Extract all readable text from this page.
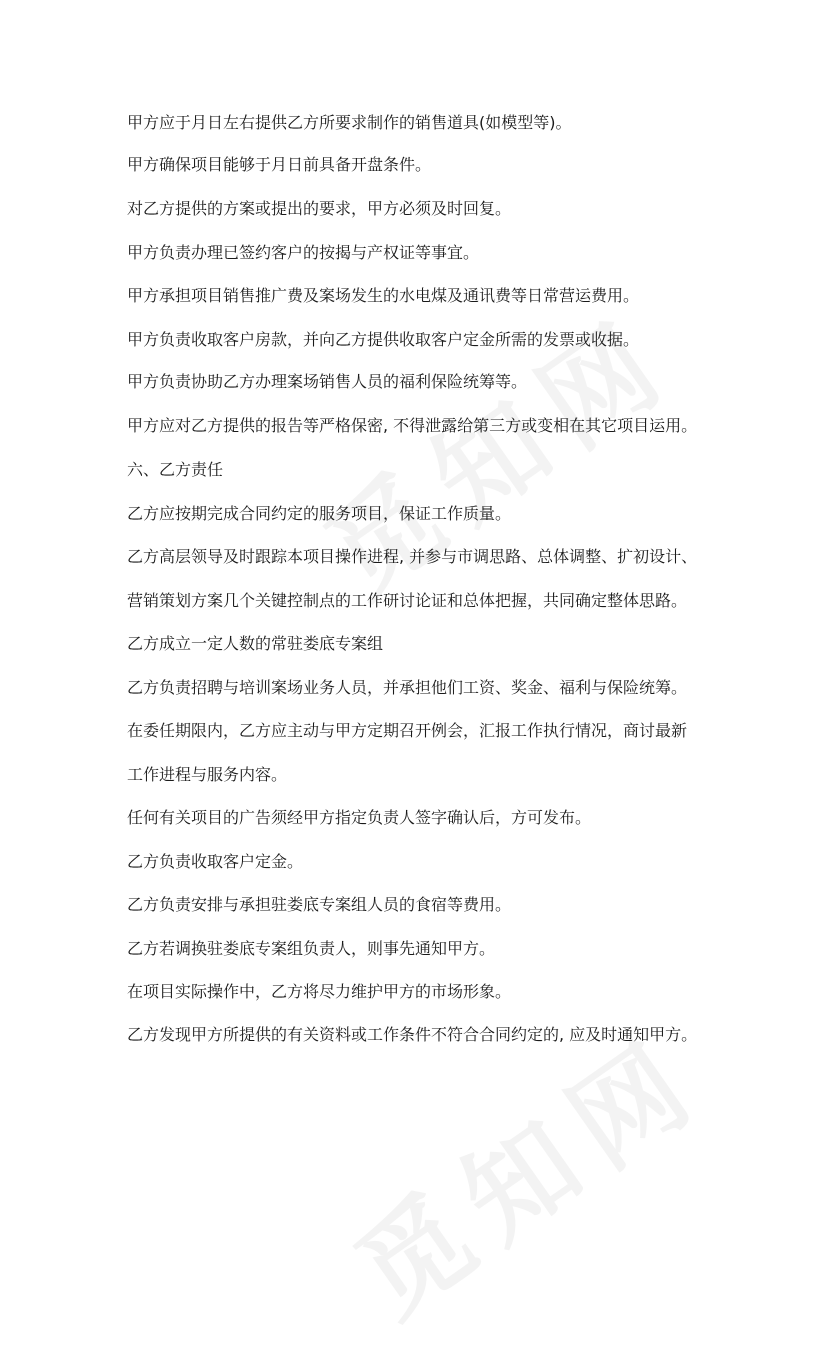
甲方应于月日左右提供乙方所要求制作的销售道具(如模型等)。

甲方确保项目能够于月日前具备开盘条件。

对乙方提供的方案或提出的要求，甲方必须及时回复。

甲方负责办理已签约客户的按揭与产权证等事宜。

甲方承担项目销售推广费及案场发生的水电煤及通讯费等日常营运费用。

甲方负责收取客户房款，并向乙方提供收取客户定金所需的发票或收据。

甲方负责协助乙方办理案场销售人员的福利保险统筹等。

甲方应对乙方提供的报告等严格保密, 不得泄露给第三方或变相在其它项目运用。

六、乙方责任

乙方应按期完成合同约定的服务项目，保证工作质量。

乙方高层领导及时跟踪本项目操作进程, 并参与市调思路、总体调整、扩初设计、

营销策划方案几个关键控制点的工作研讨论证和总体把握，共同确定整体思路。

乙方成立一定人数的常驻娄底专案组

乙方负责招聘与培训案场业务人员，并承担他们工资、奖金、福利与保险统筹。

在委任期限内，乙方应主动与甲方定期召开例会，汇报工作执行情况，商讨最新

工作进程与服务内容。

任何有关项目的广告须经甲方指定负责人签字确认后，方可发布。

乙方负责收取客户定金。

乙方负责安排与承担驻娄底专案组人员的食宿等费用。

乙方若调换驻娄底专案组负责人，则事先通知甲方。

在项目实际操作中，乙方将尽力维护甲方的市场形象。

乙方发现甲方所提供的有关资料或工作条件不符合合同约定的, 应及时通知甲方。
